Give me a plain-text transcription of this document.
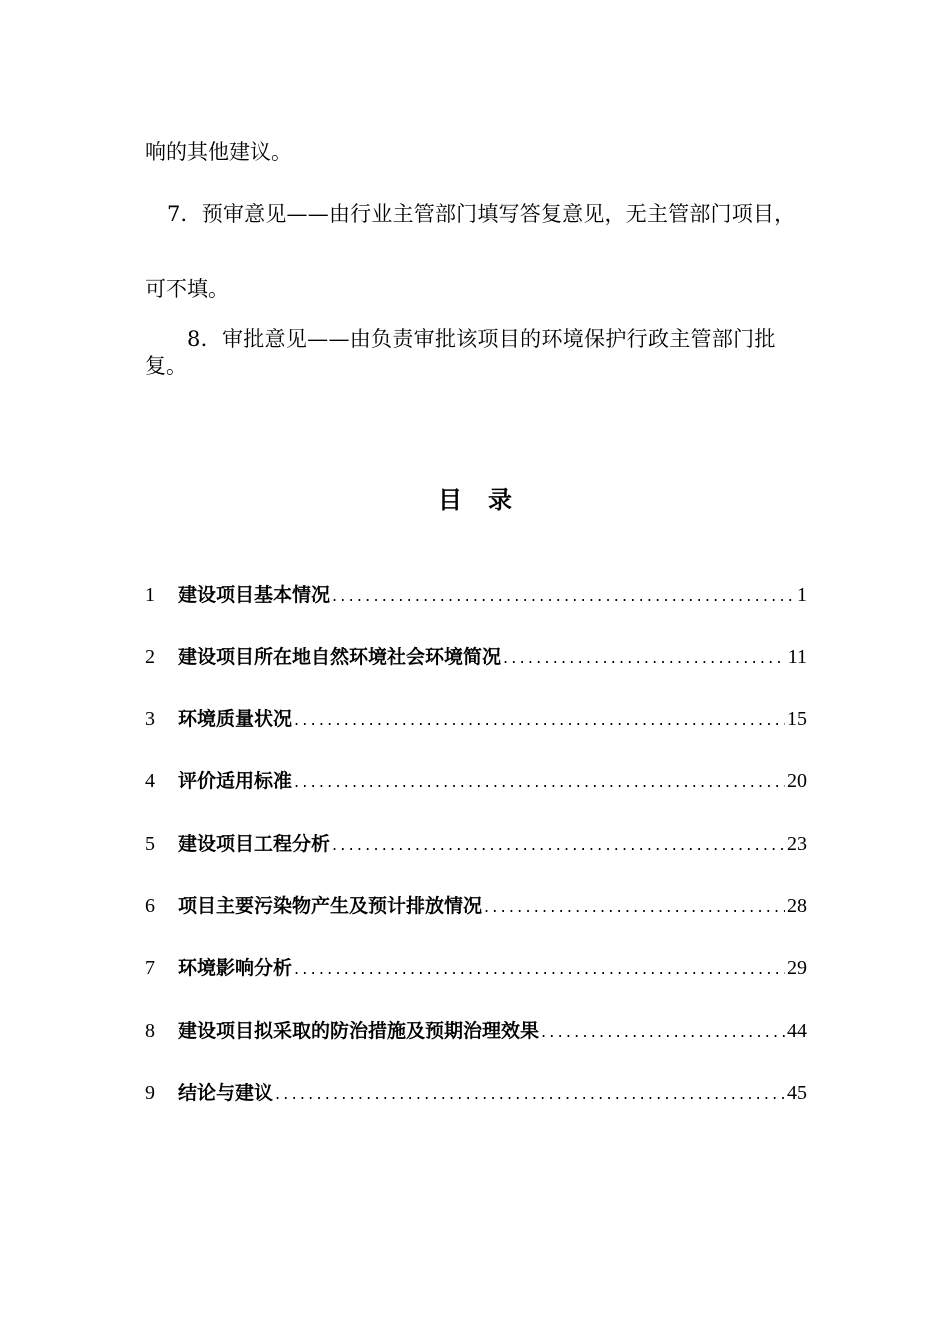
响的其他建议。
7．预审意见——由行业主管部门填写答复意见，无主管部门项目，
可不填。
8．审批意见——由负责审批该项目的环境保护行政主管部门批
复。
目录
1	建设项目基本情况 .....	1
2	建设项目所在地自然环境社会环境简况 .....	11
3	环境质量状况 .....	15
4	评价适用标准 .....	20
5	建设项目工程分析 .....	23
6	项目主要污染物产生及预计排放情况 .....	28
7	环境影响分析 .....	29
8	建设项目拟采取的防治措施及预期治理效果 .....	44
9	结论与建议 .....	45
